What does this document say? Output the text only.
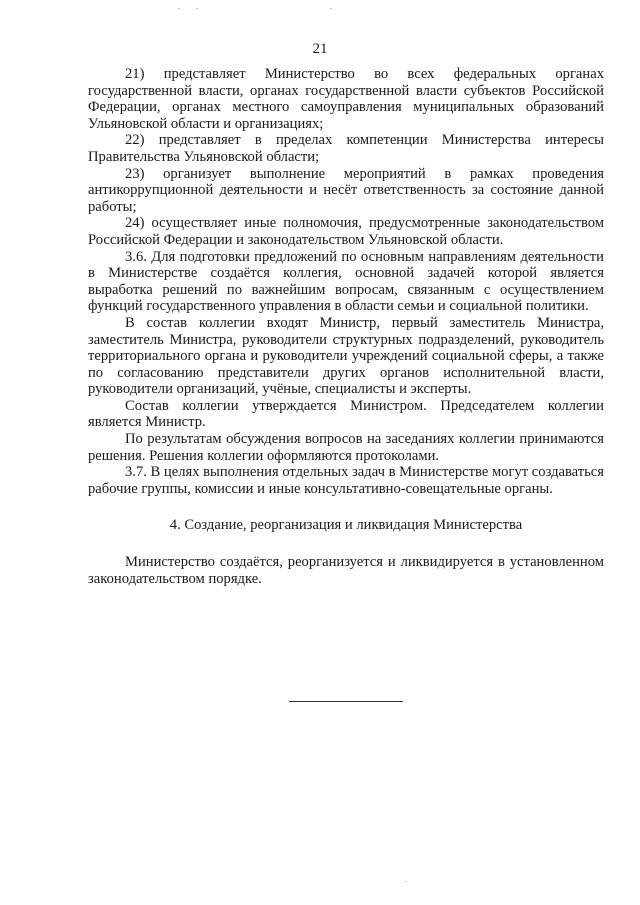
21

21) представляет Министерство во всех федеральных органах государственной власти, органах государственной власти субъектов Российской Федерации, органах местного самоуправления муниципальных образований Ульяновской области и организациях;

22) представляет в пределах компетенции Министерства интересы Правительства Ульяновской области;

23) организует выполнение мероприятий в рамках проведения антикоррупционной деятельности и несёт ответственность за состояние данной работы;

24) осуществляет иные полномочия, предусмотренные законодательством Российской Федерации и законодательством Ульяновской области.

3.6. Для подготовки предложений по основным направлениям деятельности в Министерстве создаётся коллегия, основной задачей которой является выработка решений по важнейшим вопросам, связанным с осуществлением функций государственного управления в области семьи и социальной политики.

В состав коллегии входят Министр, первый заместитель Министра, заместитель Министра, руководители структурных подразделений, руководитель территориального органа и руководители учреждений социальной сферы, а также по согласованию представители других органов исполнительной власти, руководители организаций, учёные, специалисты и эксперты.

Состав коллегии утверждается Министром. Председателем коллегии является Министр.

По результатам обсуждения вопросов на заседаниях коллегии принимаются решения. Решения коллегии оформляются протоколами.

3.7. В целях выполнения отдельных задач в Министерстве могут создаваться рабочие группы, комиссии и иные консультативно-совещательные органы.

4. Создание, реорганизация и ликвидация Министерства

Министерство создаётся, реорганизуется и ликвидируется в установленном законодательством порядке.
